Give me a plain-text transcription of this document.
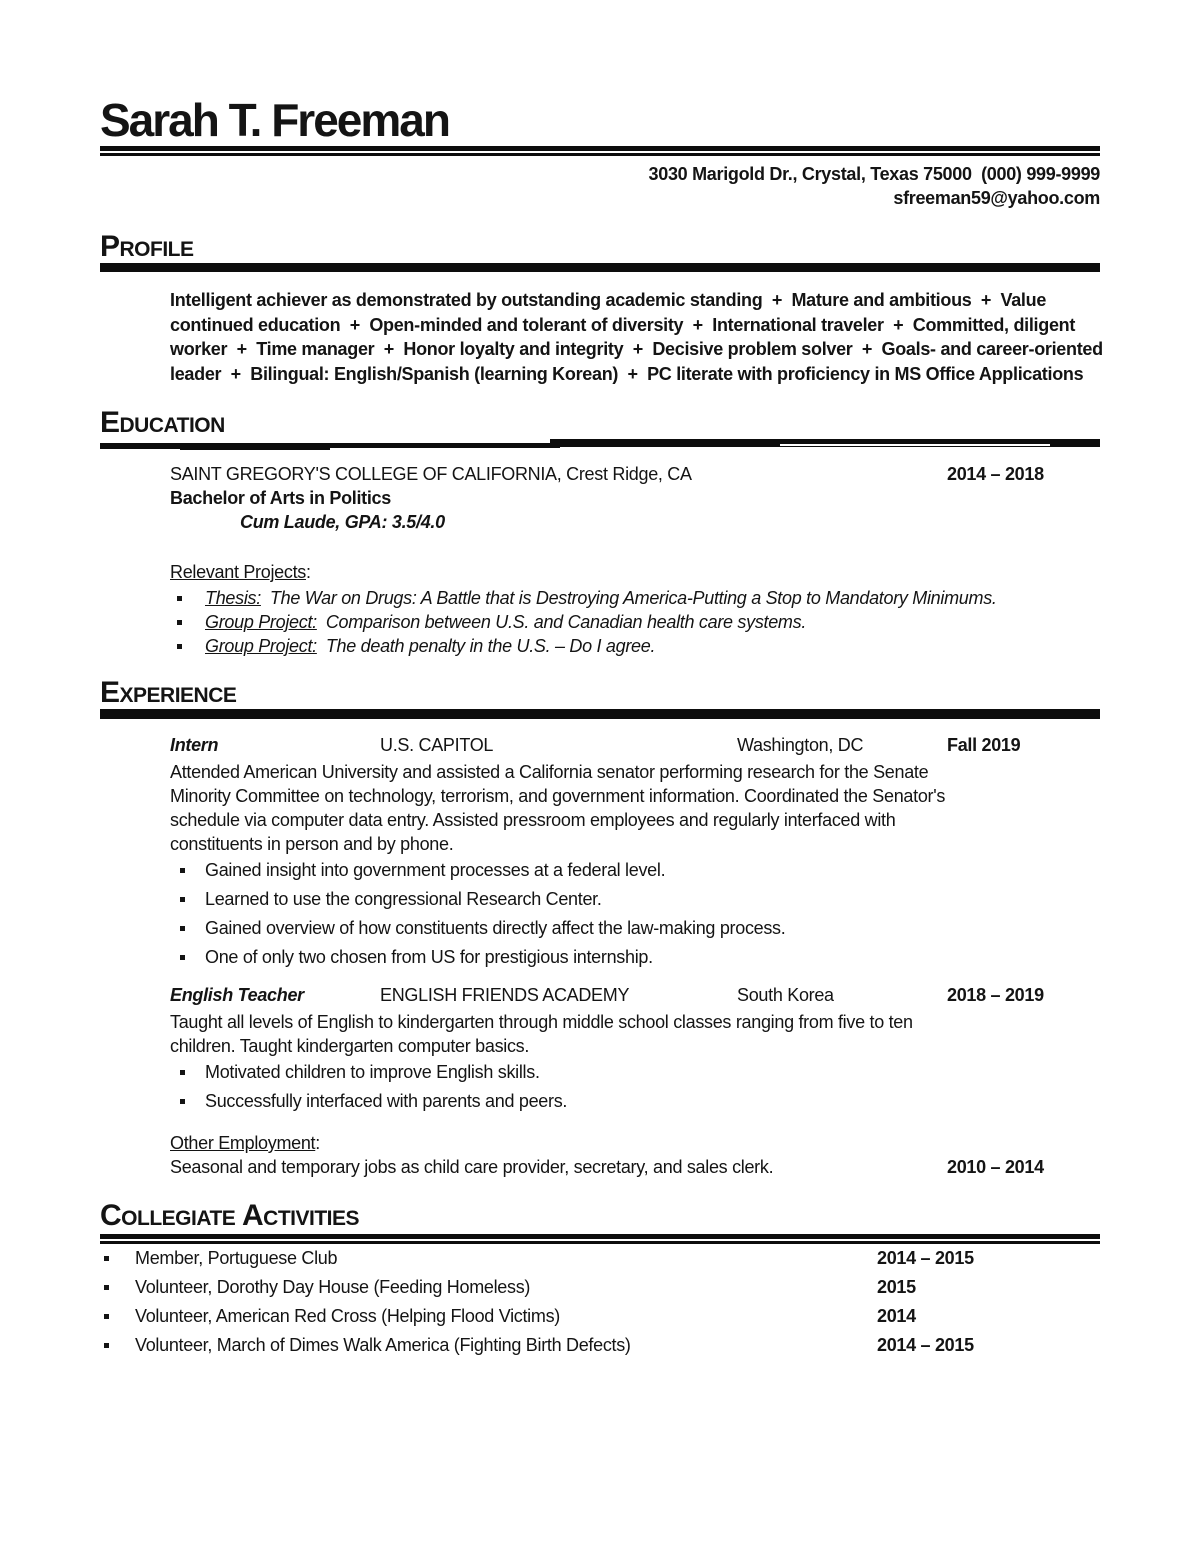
Sarah T. Freeman
3030 Marigold Dr., Crystal, Texas 75000  (000) 999-9999
sfreeman59@yahoo.com
Profile

Intelligent achiever as demonstrated by outstanding academic standing  +  Mature and ambitious  +  Value continued education  +  Open-minded and tolerant of diversity  +  International traveler  +  Committed, diligent worker  +  Time manager  +  Honor loyalty and integrity  +  Decisive problem solver  +  Goals- and career-oriented leader  +  Bilingual: English/Spanish (learning Korean)  +  PC literate with proficiency in MS Office Applications

Education
SAINT GREGORY'S COLLEGE OF CALIFORNIA, Crest Ridge, CA	2014 – 2018
Bachelor of Arts in Politics
Cum Laude, GPA: 3.5/4.0
Relevant Projects:
Thesis: The War on Drugs: A Battle that is Destroying America-Putting a Stop to Mandatory Minimums.
Group Project: Comparison between U.S. and Canadian health care systems.
Group Project: The death penalty in the U.S. – Do I agree.
Experience
Intern	U.S. CAPITOL	Washington, DC	Fall 2019

Attended American University and assisted a California senator performing research for the Senate Minority Committee on technology, terrorism, and government information. Coordinated the Senator's schedule via computer data entry. Assisted pressroom employees and regularly interfaced with constituents in person and by phone.

Gained insight into government processes at a federal level.
Learned to use the congressional Research Center.
Gained overview of how constituents directly affect the law-making process.
One of only two chosen from US for prestigious internship.
English Teacher	ENGLISH FRIENDS ACADEMY	South Korea	2018 – 2019

Taught all levels of English to kindergarten through middle school classes ranging from five to ten children. Taught kindergarten computer basics.

Motivated children to improve English skills.
Successfully interfaced with parents and peers.
Other Employment:
Seasonal and temporary jobs as child care provider, secretary, and sales clerk.	2010 – 2014
Collegiate Activities
Member, Portuguese Club	2014 – 2015
Volunteer, Dorothy Day House (Feeding Homeless)	2015
Volunteer, American Red Cross (Helping Flood Victims)	2014
Volunteer, March of Dimes Walk America (Fighting Birth Defects)	2014 – 2015
